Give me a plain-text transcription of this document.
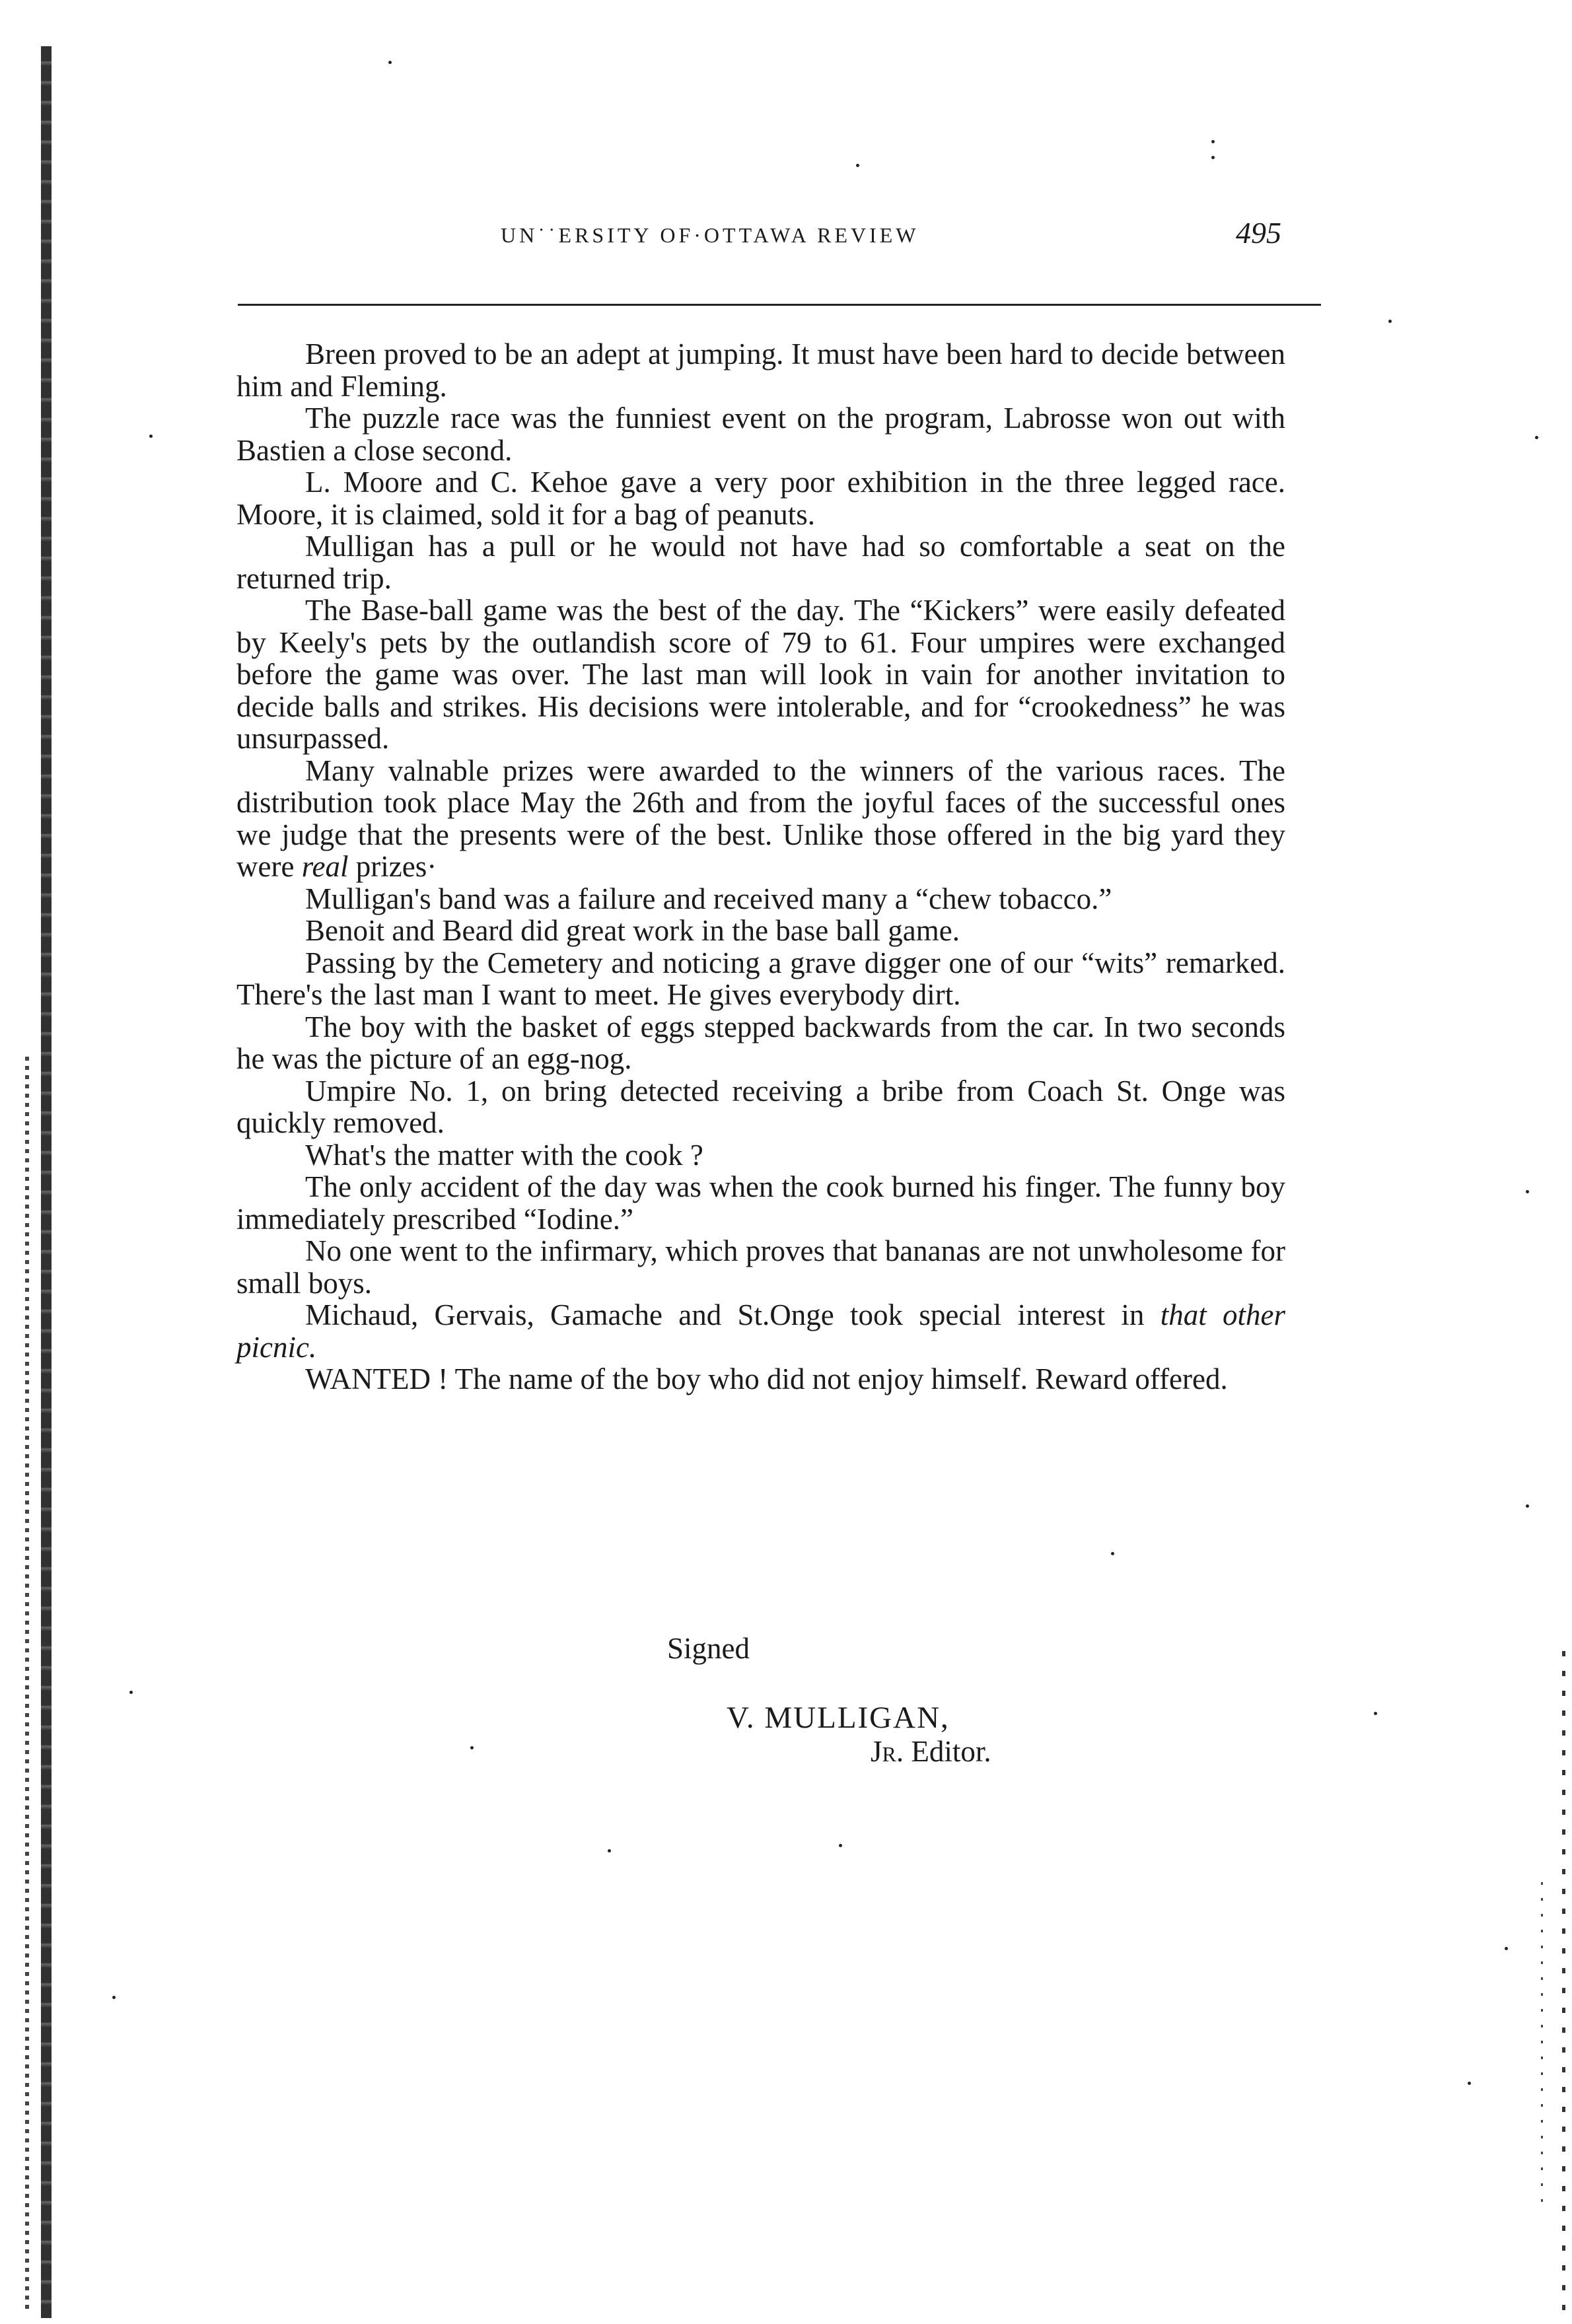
UN˙˙ERSITY OF·OTTAWA REVIEW	495

Breen proved to be an adept at jumping. It must have been hard to decide between him and Fleming.

The puzzle race was the funniest event on the program, Labrosse won out with Bastien a close second.

L. Moore and C. Kehoe gave a very poor exhibition in the three legged race. Moore, it is claimed, sold it for a bag of peanuts.

Mulligan has a pull or he would not have had so comfortable a seat on the returned trip.

The Base-ball game was the best of the day. The “Kickers” were easily defeated by Keely's pets by the outlandish score of 79 to 61. Four umpires were exchanged before the game was over. The last man will look in vain for another invitation to decide balls and strikes. His decisions were intolerable, and for “crookedness” he was unsurpassed.

Many valnable prizes were awarded to the winners of the various races. The distribution took place May the 26th and from the joyful faces of the successful ones we judge that the presents were of the best. Unlike those offered in the big yard they were real prizes·

Mulligan's band was a failure and received many a “chew tobacco.”

Benoit and Beard did great work in the base ball game.

Passing by the Cemetery and noticing a grave digger one of our “wits” remarked. There's the last man I want to meet. He gives everybody dirt.

The boy with the basket of eggs stepped backwards from the car. In two seconds he was the picture of an egg-nog.

Umpire No. 1, on bring detected receiving a bribe from Coach St. Onge was quickly removed.

What's the matter with the cook ?

The only accident of the day was when the cook burned his finger. The funny boy immediately prescribed “Iodine.”

No one went to the infirmary, which proves that bananas are not unwholesome for small boys.

Michaud, Gervais, Gamache and St.Onge took special interest in that other picnic.

WANTED ! The name of the boy who did not enjoy himself. Reward offered.

Signed
V. MULLIGAN,
Jr. Editor.
